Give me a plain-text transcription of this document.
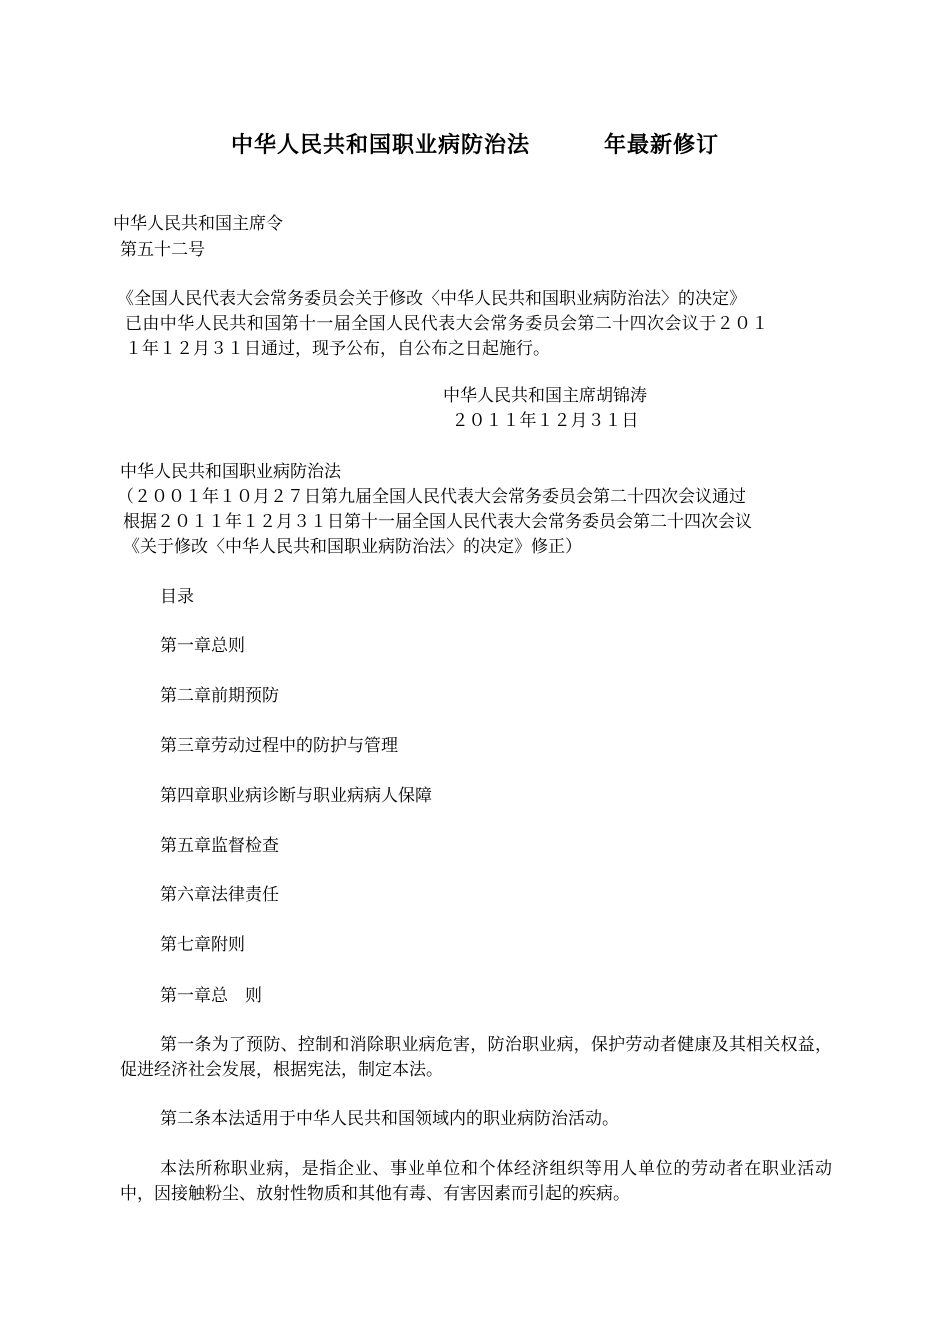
中华人民共和国职业病防治法	年最新修订
中华人民共和国主席令
第五十二号
《全国人民代表大会常务委员会关于修改〈中华人民共和国职业病防治法〉的决定》
已由中华人民共和国第十一届全国人民代表大会常务委员会第二十四次会议于２０１
１年１２月３１日通过，现予公布，自公布之日起施行。
中华人民共和国主席胡锦涛
２０１１年１２月３１日
中华人民共和国职业病防治法
（２００１年１０月２７日第九届全国人民代表大会常务委员会第二十四次会议通过
根据２０１１年１２月３１日第十一届全国人民代表大会常务委员会第二十四次会议
《关于修改〈中华人民共和国职业病防治法〉的决定》修正）
目录
第一章总则
第二章前期预防
第三章劳动过程中的防护与管理
第四章职业病诊断与职业病病人保障
第五章监督检查
第六章法律责任
第七章附则
第一章总　则
第一条为了预防、控制和消除职业病危害，防治职业病，保护劳动者健康及其相关权益，促进经济社会发展，根据宪法，制定本法。
第二条本法适用于中华人民共和国领域内的职业病防治活动。
本法所称职业病，是指企业、事业单位和个体经济组织等用人单位的劳动者在职业活动中，因接触粉尘、放射性物质和其他有毒、有害因素而引起的疾病。
